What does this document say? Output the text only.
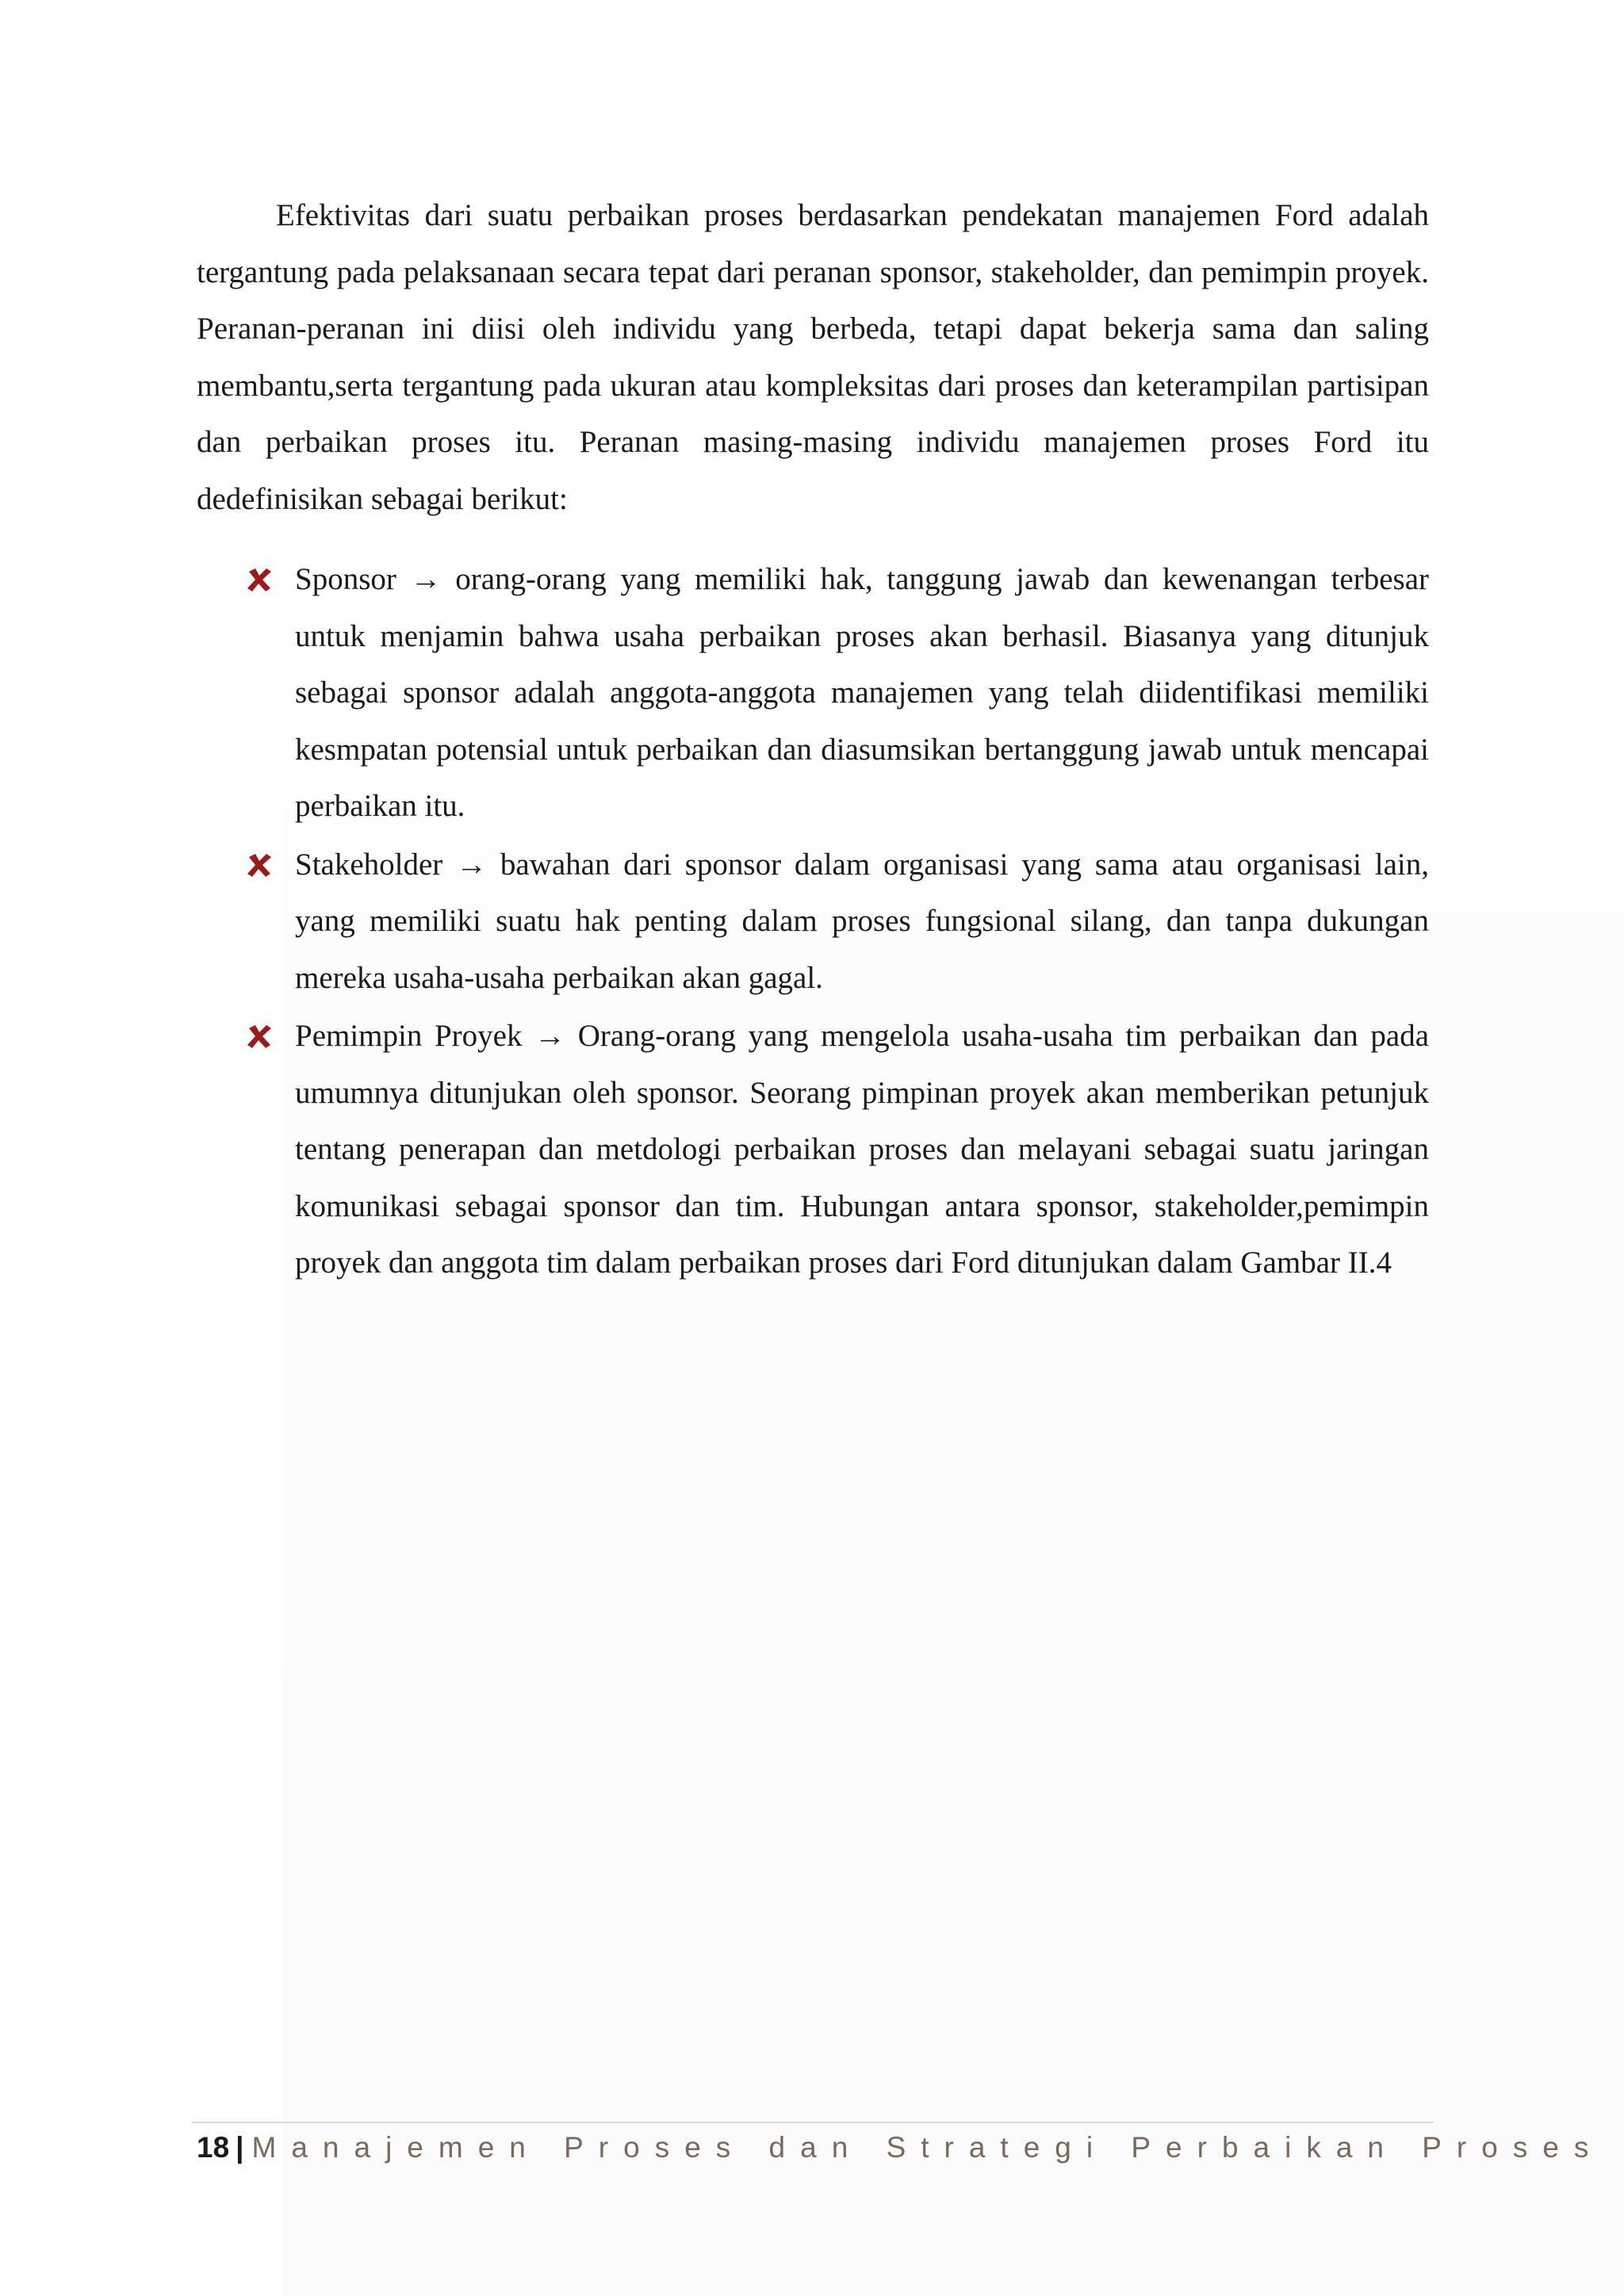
Efektivitas dari suatu perbaikan proses berdasarkan pendekatan manajemen Ford adalah tergantung pada pelaksanaan secara tepat dari peranan sponsor, stakeholder, dan pemimpin proyek. Peranan-peranan ini diisi oleh individu yang berbeda, tetapi dapat bekerja sama dan saling membantu,serta tergantung pada ukuran atau kompleksitas dari proses dan keterampilan partisipan dan perbaikan proses itu. Peranan masing-masing individu manajemen proses Ford itu dedefinisikan sebagai berikut:

Sponsor → orang-orang yang memiliki hak, tanggung jawab dan kewenangan terbesar untuk menjamin bahwa usaha perbaikan proses akan berhasil. Biasanya yang ditunjuk sebagai sponsor adalah anggota-anggota manajemen yang telah diidentifikasi memiliki kesmpatan potensial untuk perbaikan dan diasumsikan bertanggung jawab untuk mencapai perbaikan itu.
Stakeholder → bawahan dari sponsor dalam organisasi yang sama atau organisasi lain, yang memiliki suatu hak penting dalam proses fungsional silang, dan tanpa dukungan mereka usaha-usaha perbaikan akan gagal.
Pemimpin Proyek → Orang-orang yang mengelola usaha-usaha tim perbaikan dan pada umumnya ditunjukan oleh sponsor. Seorang pimpinan proyek akan memberikan petunjuk tentang penerapan dan metdologi perbaikan proses dan melayani sebagai suatu jaringan komunikasi sebagai sponsor dan tim. Hubungan antara sponsor, stakeholder,pemimpin proyek dan anggota tim dalam perbaikan proses dari Ford ditunjukan dalam Gambar II.4
18 | Manajemen Proses dan Strategi Perbaikan Proses
